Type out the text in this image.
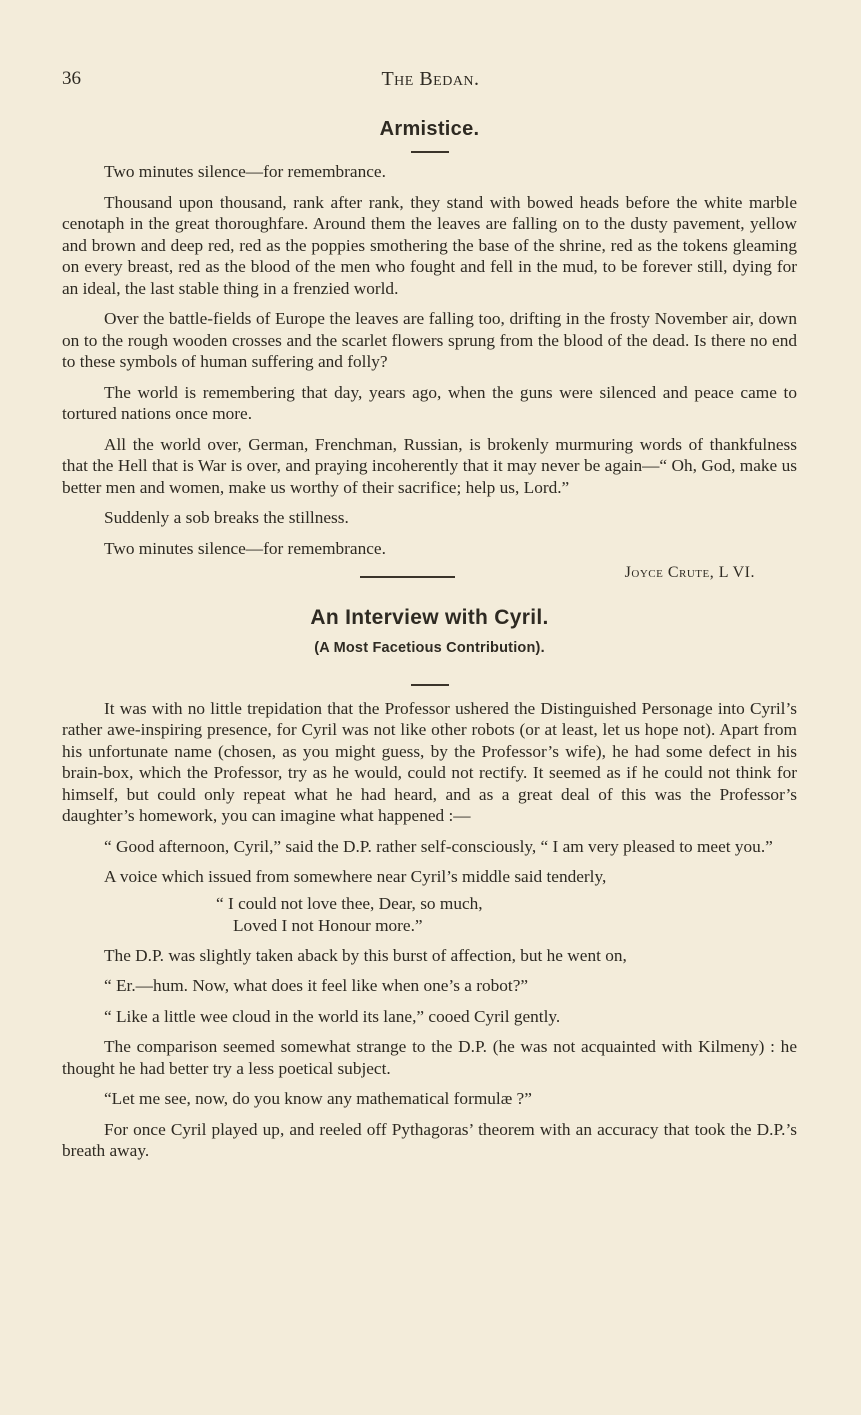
36	The Bedan.
Armistice.

Two minutes silence—for remembrance.

Thousand upon thousand, rank after rank, they stand with bowed heads before the white marble cenotaph in the great thoroughfare. Around them the leaves are falling on to the dusty pavement, yellow and brown and deep red, red as the poppies smothering the base of the shrine, red as the tokens gleaming on every breast, red as the blood of the men who fought and fell in the mud, to be forever still, dying for an ideal, the last stable thing in a frenzied world.

Over the battle-fields of Europe the leaves are falling too, drifting in the frosty November air, down on to the rough wooden crosses and the scarlet flowers sprung from the blood of the dead. Is there no end to these symbols of human suffering and folly?

The world is remembering that day, years ago, when the guns were silenced and peace came to tortured nations once more.

All the world over, German, Frenchman, Russian, is brokenly murmuring words of thankfulness that the Hell that is War is over, and praying incoherently that it may never be again—“ Oh, God, make us better men and women, make us worthy of their sacrifice; help us, Lord.”

Suddenly a sob breaks the stillness.

Two minutes silence—for remembrance.

Joyce Crute, L VI.
An Interview with Cyril.
(A Most Facetious Contribution).

It was with no little trepidation that the Professor ushered the Distinguished Personage into Cyril’s rather awe-inspiring presence, for Cyril was not like other robots (or at least, let us hope not). Apart from his unfortunate name (chosen, as you might guess, by the Professor’s wife), he had some defect in his brain-box, which the Professor, try as he would, could not rectify. It seemed as if he could not think for himself, but could only repeat what he had heard, and as a great deal of this was the Professor’s daughter’s homework, you can imagine what happened :—

“ Good afternoon, Cyril,” said the D.P. rather self-consciously, “ I am very pleased to meet you.”

A voice which issued from somewhere near Cyril’s middle said tenderly,

“ I could not love thee, Dear, so much,
Loved I not Honour more.”

The D.P. was slightly taken aback by this burst of affection, but he went on,

“ Er.—hum. Now, what does it feel like when one’s a robot?”

“ Like a little wee cloud in the world its lane,” cooed Cyril gently.

The comparison seemed somewhat strange to the D.P. (he was not acquainted with Kilmeny) : he thought he had better try a less poetical subject.

“Let me see, now, do you know any mathematical formulæ ?”

For once Cyril played up, and reeled off Pythagoras’ theorem with an accuracy that took the D.P.’s breath away.
